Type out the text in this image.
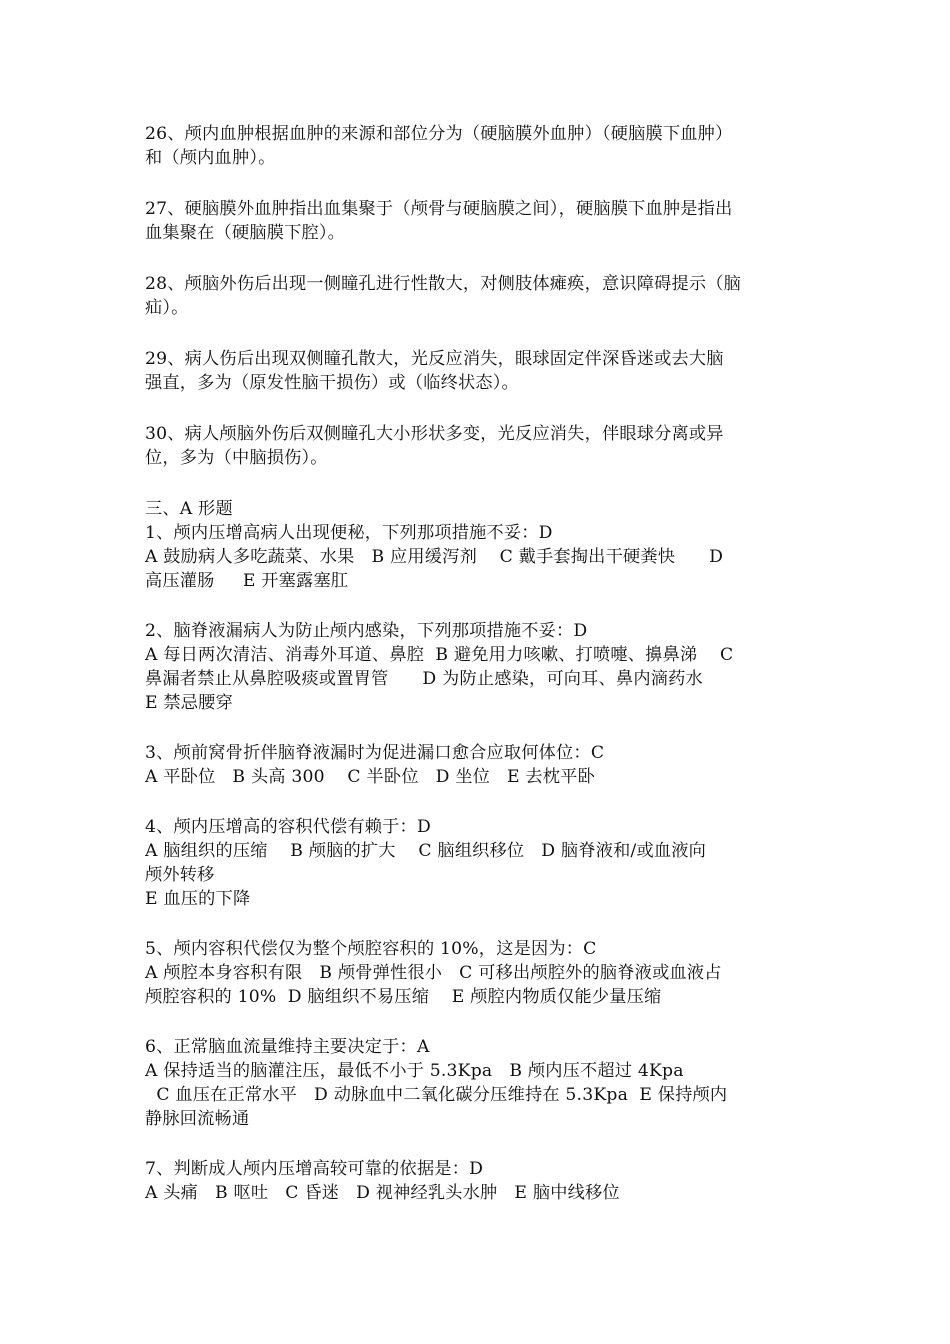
26、颅内血肿根据血肿的来源和部位分为（硬脑膜外血肿）（硬脑膜下血肿）
和（颅内血肿）。
27、硬脑膜外血肿指出血集聚于（颅骨与硬脑膜之间），硬脑膜下血肿是指出
血集聚在（硬脑膜下腔）。
28、颅脑外伤后出现一侧瞳孔进行性散大，对侧肢体瘫痪，意识障碍提示（脑
疝）。
29、病人伤后出现双侧瞳孔散大，光反应消失，眼球固定伴深昏迷或去大脑
强直，多为（原发性脑干损伤）或（临终状态）。
30、病人颅脑外伤后双侧瞳孔大小形状多变，光反应消失，伴眼球分离或异
位，多为（中脑损伤）。
三、A 形题
1、颅内压增高病人出现便秘，下列那项措施不妥：D
A 鼓励病人多吃蔬菜、水果   B 应用缓泻剂    C 戴手套掏出干硬粪快      D
高压灌肠     E 开塞露塞肛
2、脑脊液漏病人为防止颅内感染，下列那项措施不妥：D
A 每日两次清洁、消毒外耳道、鼻腔  B 避免用力咳嗽、打喷嚏、擤鼻涕    C
鼻漏者禁止从鼻腔吸痰或置胃管      D 为防止感染，可向耳、鼻内滴药水
E 禁忌腰穿
3、颅前窝骨折伴脑脊液漏时为促进漏口愈合应取何体位：C
A 平卧位   B 头高 300    C 半卧位   D 坐位   E 去枕平卧
4、颅内压增高的容积代偿有赖于：D
A 脑组织的压缩    B 颅脑的扩大    C 脑组织移位   D 脑脊液和/或血液向
颅外转移
E 血压的下降
5、颅内容积代偿仅为整个颅腔容积的 10%，这是因为：C
A 颅腔本身容积有限   B 颅骨弹性很小   C 可移出颅腔外的脑脊液或血液占
颅腔容积的 10%  D 脑组织不易压缩    E 颅腔内物质仅能少量压缩
6、正常脑血流量维持主要决定于：A
A 保持适当的脑灌注压，最低不小于 5.3Kpa   B 颅内压不超过 4Kpa
C 血压在正常水平   D 动脉血中二氧化碳分压维持在 5.3Kpa  E 保持颅内
静脉回流畅通
7、判断成人颅内压增高较可靠的依据是：D
A 头痛   B 呕吐   C 昏迷   D 视神经乳头水肿   E 脑中线移位
